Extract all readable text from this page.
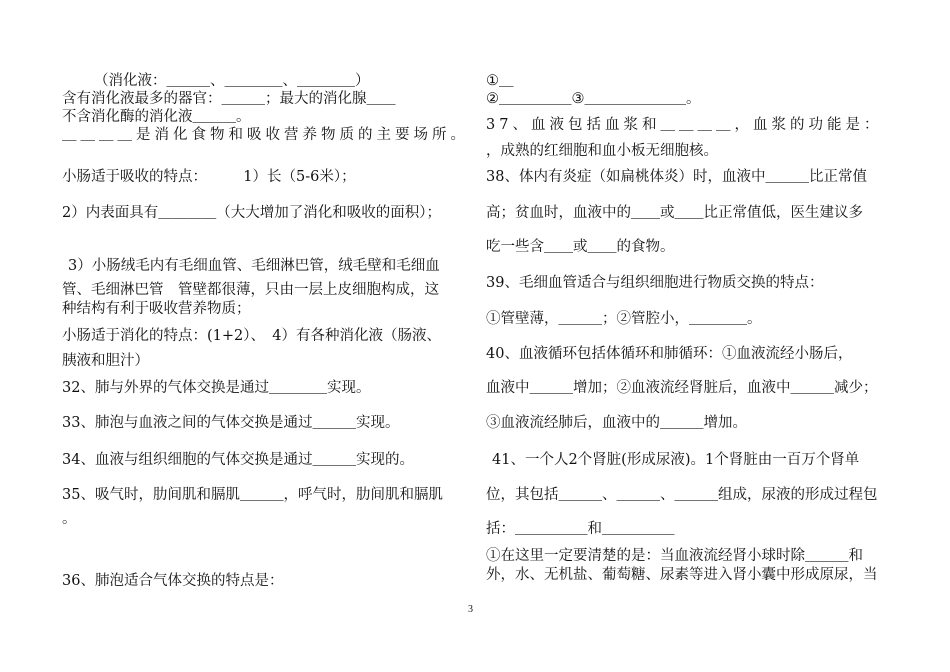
（消化液：＿＿＿、＿＿＿＿、＿＿＿＿）
含有消化液最多的器官：＿＿＿；最大的消化腺＿＿
不含消化酶的消化液＿＿＿。
＿＿＿＿是消化食物和吸收营养物质的主要场所。
小肠适于吸收的特点：　　　1）长（5-6米）；
2）内表面具有＿＿＿＿（大大增加了消化和吸收的面积）；
3）小肠绒毛内有毛细血管、毛细淋巴管，绒毛壁和毛细血
管、毛细淋巴管　管壁都很薄，只由一层上皮细胞构成，这
种结构有利于吸收营养物质；
小肠适于消化的特点：(1+2）、　4）有各种消化液（肠液、
胰液和胆汁）
32、肺与外界的气体交换是通过＿＿＿＿实现。
33、肺泡与血液之间的气体交换是通过＿＿＿实现。
34、血液与组织细胞的气体交换是通过＿＿＿实现的。
35、吸气时，肋间肌和膈肌＿＿＿，呼气时，肋间肌和膈肌
。
36、肺泡适合气体交换的特点是：
①＿
②＿＿＿＿＿③＿＿＿＿＿＿＿。
37、血液包括血浆和＿＿＿＿，血浆的功能是：
，成熟的红细胞和血小板无细胞核。
38、体内有炎症（如扁桃体炎）时，血液中＿＿＿比正常值
高；贫血时，血液中的＿＿或＿＿比正常值低，医生建议多
吃一些含＿＿或＿＿的食物。
39、毛细血管适合与组织细胞进行物质交换的特点：
①管壁薄，＿＿＿；②管腔小，＿＿＿＿。
40、血液循环包括体循环和肺循环：①血液流经小肠后，
血液中＿＿＿增加；②血液流经肾脏后，血液中＿＿＿减少；
③血液流经肺后，血液中的＿＿＿增加。
41、一个人2个肾脏(形成尿液)。1个肾脏由一百万个肾单
位，其包括＿＿＿、＿＿＿、＿＿＿组成，尿液的形成过程包
括：＿＿＿＿＿和＿＿＿＿＿
①在这里一定要清楚的是：当血液流经肾小球时除＿＿＿和
外，水、无机盐、葡萄糖、尿素等进入肾小囊中形成原尿，当
3
